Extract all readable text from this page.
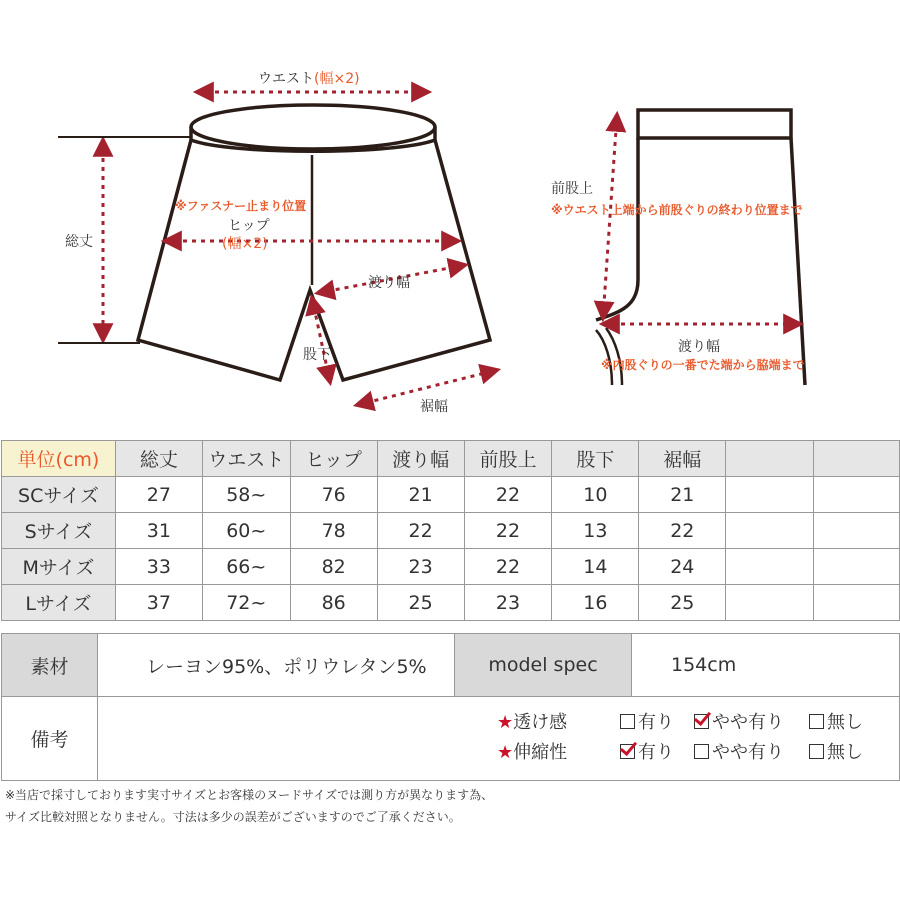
ウエスト(幅×2)
※ファスナー止まり位置
ヒップ
(幅×2)
渡り幅
総丈
股下
裾幅
前股上
※ウエスト上端から前股ぐりの終わり位置まで
渡り幅
※内股ぐりの一番でた端から脇端まで
単位(cm)	総丈	ウエスト	ヒップ	渡り幅	前股上	股下	裾幅		
SCサイズ	27	58~	76	21	22	10	21		
Sサイズ	31	60~	78	22	22	13	22		
Mサイズ	33	66~	82	23	22	14	24		
Lサイズ	37	72~	86	25	23	16	25		
素材	レーヨン95%、ポリウレタン5%	model spec	154cm
備考
★透け感	有り	やや有り	無し
★伸縮性	有り	やや有り	無し
※当店で採寸しております実寸サイズとお客様のヌードサイズでは測り方が異なります為、
サイズ比較対照となりません。寸法は多少の誤差がございますのでご了承ください。
